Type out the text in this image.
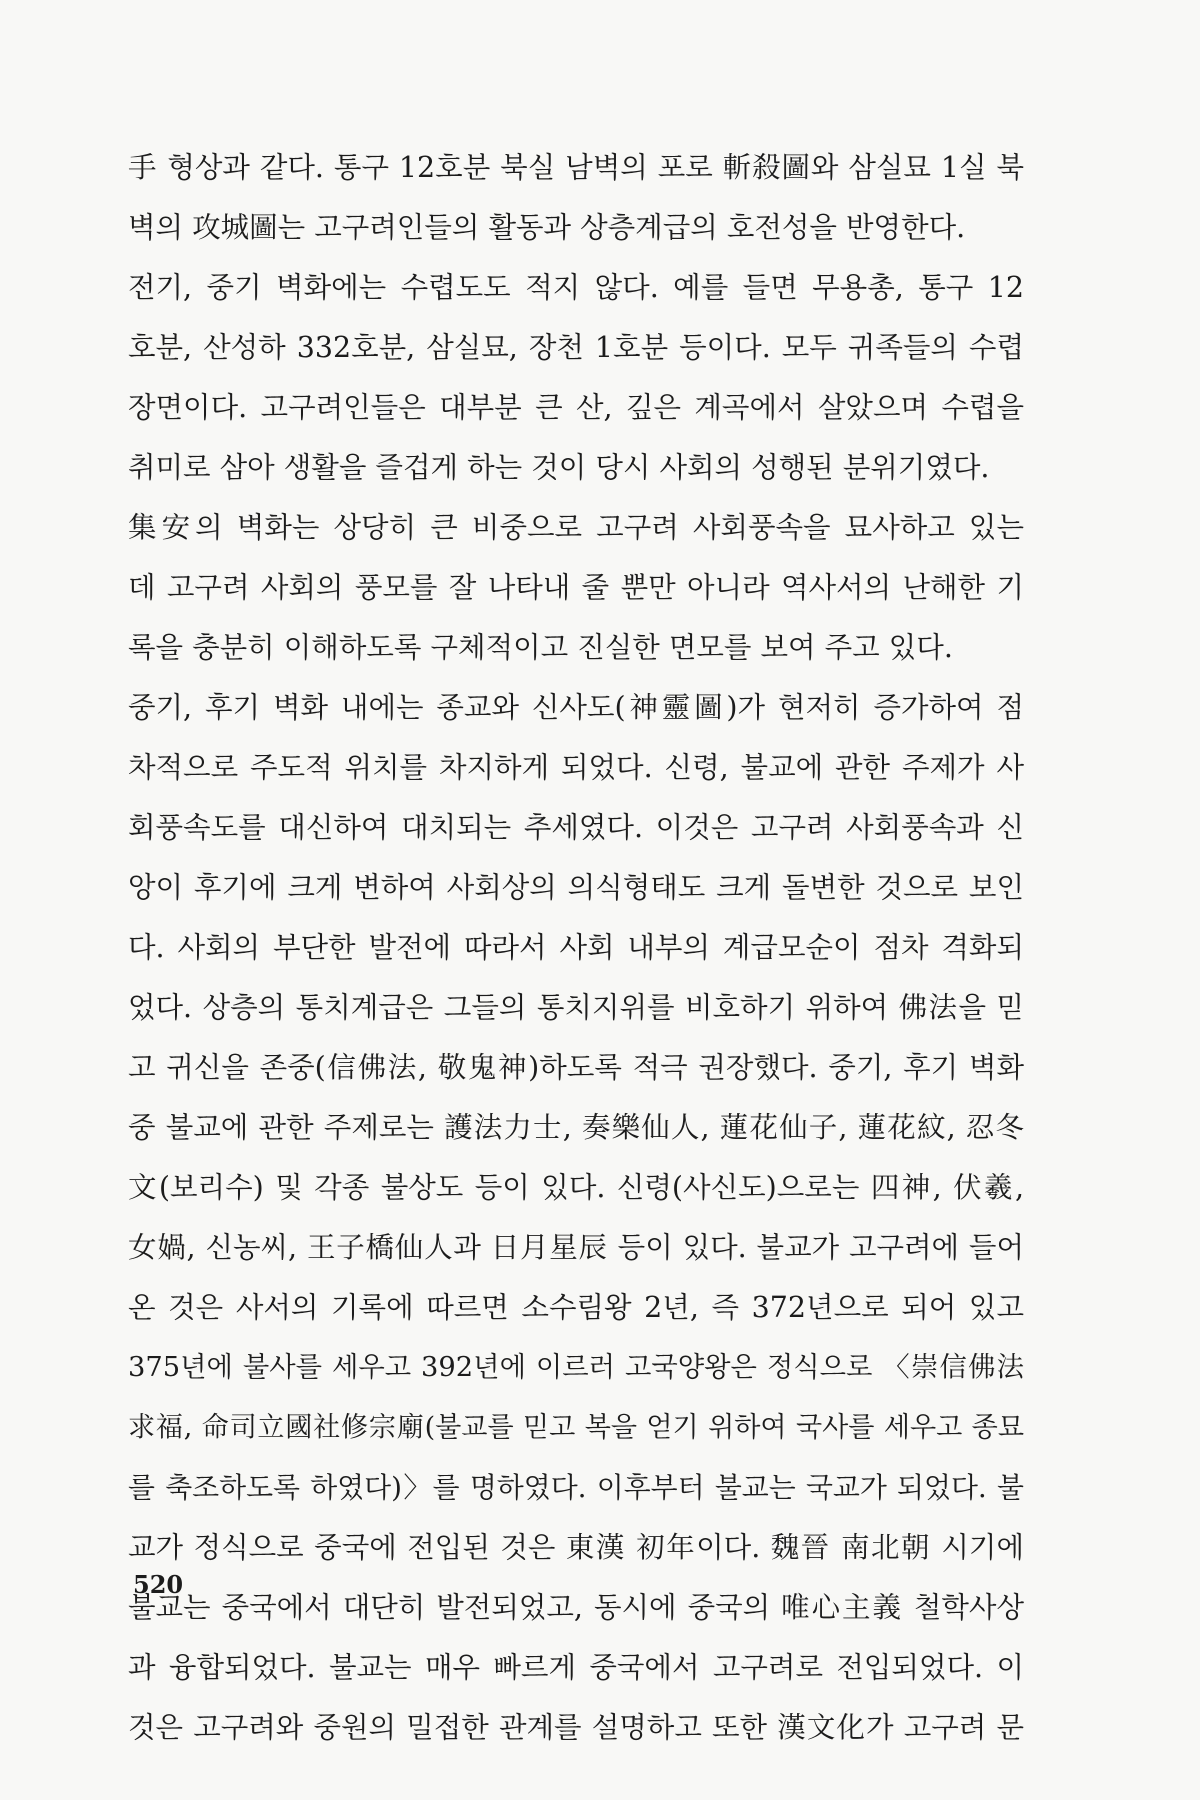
手 형상과 같다. 통구 12호분 북실 남벽의 포로 斬殺圖와 삼실묘 1실 북
벽의 攻城圖는 고구려인들의 활동과 상층계급의 호전성을 반영한다.
전기, 중기 벽화에는 수렵도도 적지 않다. 예를 들면 무용총, 통구 12
호분, 산성하 332호분, 삼실묘, 장천 1호분 등이다. 모두 귀족들의 수렵
장면이다. 고구려인들은 대부분 큰 산, 깊은 계곡에서 살았으며 수렵을
취미로 삼아 생활을 즐겁게 하는 것이 당시 사회의 성행된 분위기였다.
集安의 벽화는 상당히 큰 비중으로 고구려 사회풍속을 묘사하고 있는
데 고구려 사회의 풍모를 잘 나타내 줄 뿐만 아니라 역사서의 난해한 기
록을 충분히 이해하도록 구체적이고 진실한 면모를 보여 주고 있다.
중기, 후기 벽화 내에는 종교와 신사도(神靈圖)가 현저히 증가하여 점
차적으로 주도적 위치를 차지하게 되었다. 신령, 불교에 관한 주제가 사
회풍속도를 대신하여 대치되는 추세였다. 이것은 고구려 사회풍속과 신
앙이 후기에 크게 변하여 사회상의 의식형태도 크게 돌변한 것으로 보인
다. 사회의 부단한 발전에 따라서 사회 내부의 계급모순이 점차 격화되
었다. 상층의 통치계급은 그들의 통치지위를 비호하기 위하여 佛法을 믿
고 귀신을 존중(信佛法, 敬鬼神)하도록 적극 권장했다. 중기, 후기 벽화
중 불교에 관한 주제로는 護法力士, 奏樂仙人, 蓮花仙子, 蓮花紋, 忍冬
文(보리수) 및 각종 불상도 등이 있다. 신령(사신도)으로는 四神, 伏羲,
女媧, 신농씨, 王子橋仙人과 日月星辰 등이 있다. 불교가 고구려에 들어
온 것은 사서의 기록에 따르면 소수림왕 2년, 즉 372년으로 되어 있고
375년에 불사를 세우고 392년에 이르러 고국양왕은 정식으로 〈崇信佛法
求福, 命司立國社修宗廟(불교를 믿고 복을 얻기 위하여 국사를 세우고 종묘
를 축조하도록 하였다)〉를 명하였다. 이후부터 불교는 국교가 되었다. 불
교가 정식으로 중국에 전입된 것은 東漢 初年이다. 魏晉 南北朝 시기에
불교는 중국에서 대단히 발전되었고, 동시에 중국의 唯心主義 철학사상
과 융합되었다. 불교는 매우 빠르게 중국에서 고구려로 전입되었다. 이
것은 고구려와 중원의 밀접한 관계를 설명하고 또한 漢文化가 고구려 문
520
